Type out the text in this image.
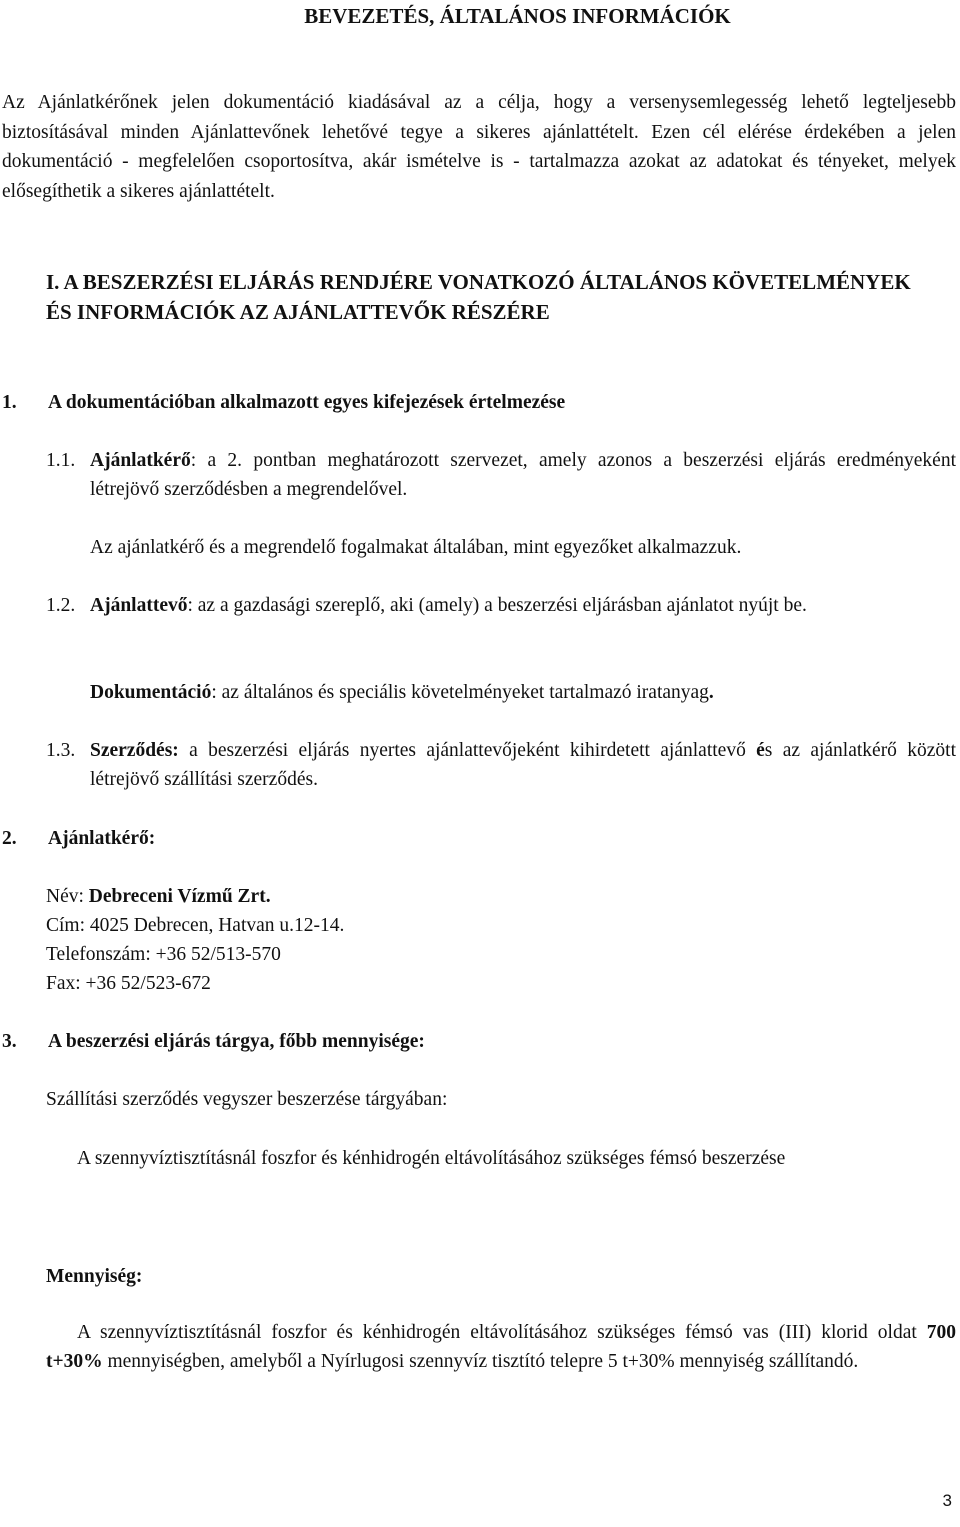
BEVEZETÉS, ÁLTALÁNOS INFORMÁCIÓK
Az Ajánlatkérőnek jelen dokumentáció kiadásával az a célja, hogy a versenysemlegesség lehető legteljesebb biztosításával minden Ajánlattevőnek lehetővé tegye a sikeres ajánlattételt. Ezen cél elérése érdekében a jelen dokumentáció - megfelelően csoportosítva, akár ismételve is - tartalmazza azokat az adatokat és tényeket, melyek elősegíthetik a sikeres ajánlattételt.
I. A BESZERZÉSI ELJÁRÁS RENDJÉRE VONATKOZÓ ÁLTALÁNOS KÖVETELMÉNYEK ÉS INFORMÁCIÓK AZ AJÁNLATTEVŐK RÉSZÉRE
1. A dokumentációban alkalmazott egyes kifejezések értelmezése
1.1. Ajánlatkérő: a 2. pontban meghatározott szervezet, amely azonos a beszerzési eljárás eredményeként létrejövő szerződésben a megrendelővel.
Az ajánlatkérő és a megrendelő fogalmakat általában, mint egyezőket alkalmazzuk.
1.2. Ajánlattevő: az a gazdasági szereplő, aki (amely) a beszerzési eljárásban ajánlatot nyújt be.
Dokumentáció: az általános és speciális követelményeket tartalmazó iratanyag.
1.3. Szerződés: a beszerzési eljárás nyertes ajánlattevőjeként kihirdetett ajánlattevő és az ajánlatkérő között létrejövő szállítási szerződés.
2. Ajánlatkérő:
Név: Debreceni Vízmű Zrt.
Cím: 4025 Debrecen, Hatvan u.12-14.
Telefonszám: +36 52/513-570
Fax: +36 52/523-672
3. A beszerzési eljárás tárgya, főbb mennyisége:
Szállítási szerződés vegyszer beszerzése tárgyában:
A szennyvíztisztításnál foszfor és kénhidrogén eltávolításához szükséges fémsó beszerzése
Mennyiség:
A szennyvíztisztításnál foszfor és kénhidrogén eltávolításához szükséges fémsó vas (III) klorid oldat 700 t+30% mennyiségben, amelyből a Nyírlugosi szennyvíz tisztító telepre 5 t+30% mennyiség szállítandó.
3
